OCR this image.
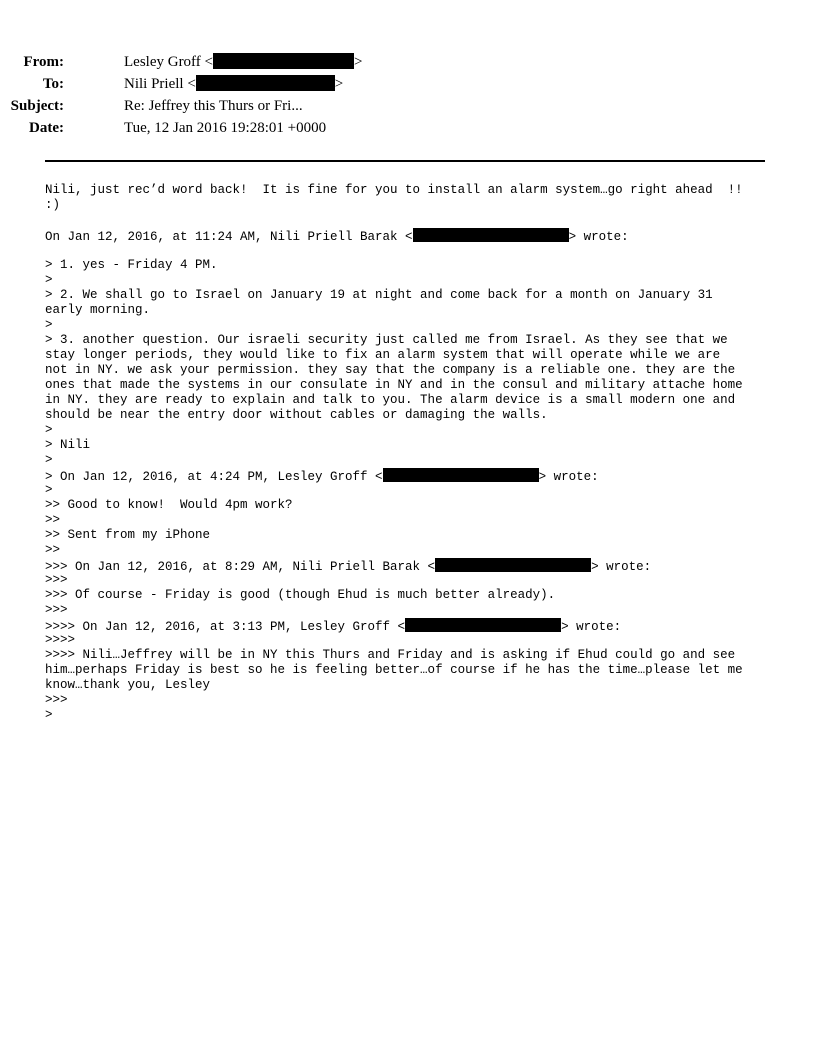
From:	Lesley Groff <	>
To:	Nili Priell <	>
Subject:	Re: Jeffrey this Thurs or Fri...
Date:	Tue, 12 Jan 2016 19:28:01 +0000
Nili, just rec’d word back!  It is fine for you to install an alarm system…go right ahead  !!
:)
On Jan 12, 2016, at 11:24 AM, Nili Priell Barak <	> wrote:
> 1. yes - Friday 4 PM.
>
> 2. We shall go to Israel on January 19 at night and come back for a month on January 31
early morning.
>
> 3. another question. Our israeli security just called me from Israel. As they see that we
stay longer periods, they would like to fix an alarm system that will operate while we are
not in NY. we ask your permission. they say that the company is a reliable one. they are the
ones that made the systems in our consulate in NY and in the consul and military attache home
in NY. they are ready to explain and talk to you. The alarm device is a small modern one and
should be near the entry door without cables or damaging the walls.
>
> Nili
>
> On Jan 12, 2016, at 4:24 PM, Lesley Groff <	> wrote:
>
>> Good to know!  Would 4pm work?
>>
>> Sent from my iPhone
>>
>>> On Jan 12, 2016, at 8:29 AM, Nili Priell Barak <	> wrote:
>>>
>>> Of course - Friday is good (though Ehud is much better already).
>>>
>>>> On Jan 12, 2016, at 3:13 PM, Lesley Groff <	> wrote:
>>>>
>>>> Nili…Jeffrey will be in NY this Thurs and Friday and is asking if Ehud could go and see
him…perhaps Friday is best so he is feeling better…of course if he has the time…please let me
know…thank you, Lesley
>>>
>
